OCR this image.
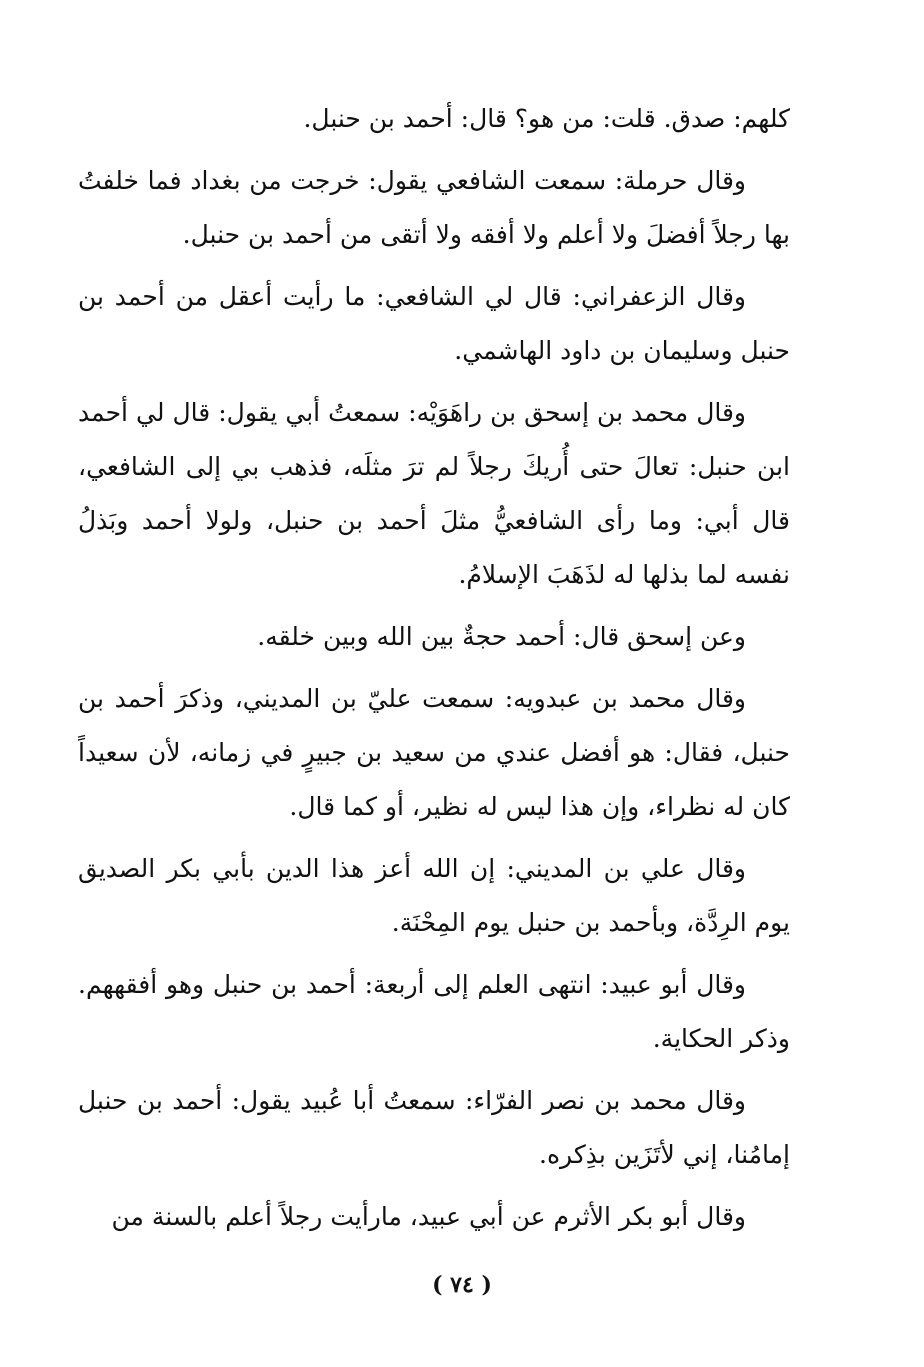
كلهم: صدق. قلت: من هو؟ قال: أحمد بن حنبل.

وقال حرملة: سمعت الشافعي يقول: خرجت من بغداد فما خلفتُ بها رجلاً أفضلَ ولا أعلم ولا أفقه ولا أتقى من أحمد بن حنبل.

وقال الزعفراني: قال لي الشافعي: ما رأيت أعقل من أحمد بن حنبل وسليمان بن داود الهاشمي.

وقال محمد بن إسحق بن راهَوَيْه: سمعتُ أبي يقول: قال لي أحمد ابن حنبل: تعالَ حتى أُريكَ رجلاً لم ترَ مثلَه، فذهب بي إلى الشافعي، قال أبي: وما رأى الشافعيُّ مثلَ أحمد بن حنبل، ولولا أحمد وبَذلُ نفسه لما بذلها له لذَهَبَ الإسلامُ.

وعن إسحق قال: أحمد حجةٌ بين الله وبين خلقه.

وقال محمد بن عبدويه: سمعت عليّ بن المديني، وذكرَ أحمد بن حنبل، فقال: هو أفضل عندي من سعيد بن جبيرٍ في زمانه، لأن سعيداً كان له نظراء، وإن هذا ليس له نظير، أو كما قال.

وقال علي بن المديني: إن الله أعز هذا الدين بأبي بكر الصديق يوم الرِدَّة، وبأحمد بن حنبل يوم المِحْنَة.

وقال أبو عبيد: انتهى العلم إلى أربعة: أحمد بن حنبل وهو أفقههم. وذكر الحكاية.

وقال محمد بن نصر الفرّاء: سمعتُ أبا عُبيد يقول: أحمد بن حنبل إمامُنا، إني لأتَزَين بذِكره.

وقال أبو بكر الأثرم عن أبي عبيد، مارأيت رجلاً أعلم بالسنة من

( ٧٤ )
